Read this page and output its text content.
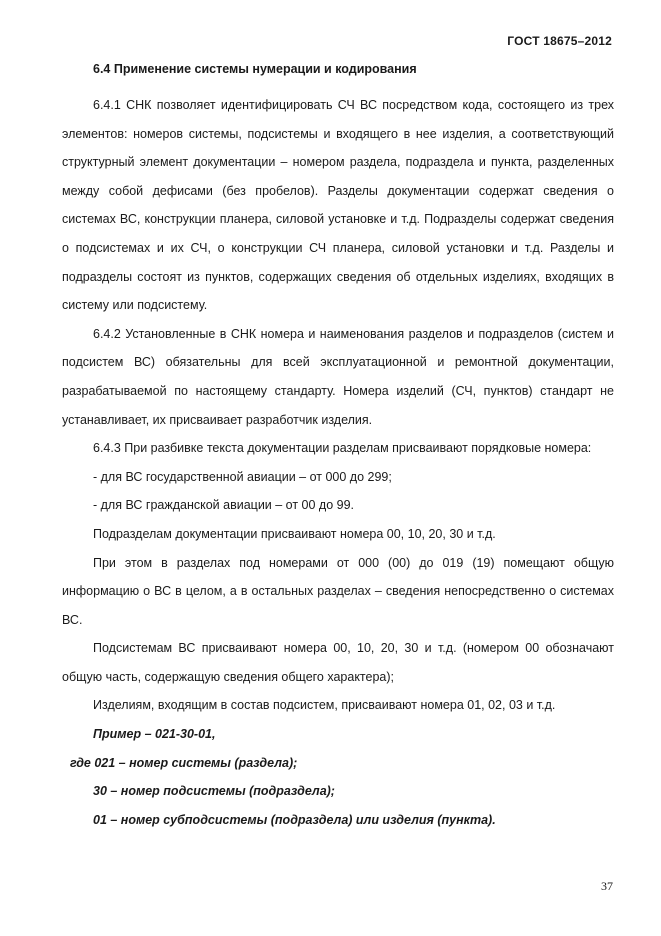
ГОСТ 18675–2012
6.4 Применение системы нумерации и кодирования

6.4.1 СНК позволяет идентифицировать СЧ ВС посредством кода, состоящего из трех элементов: номеров системы, подсистемы и входящего в нее изделия, а соответствующий структурный элемент документации – номером раздела, подраздела и пункта, разделенных между собой дефисами (без пробелов). Разделы документации содержат сведения о системах ВС, конструкции планера, силовой установке и т.д. Подразделы содержат сведения о подсистемах и их СЧ, о конструкции СЧ планера, силовой установки и т.д. Разделы и подразделы состоят из пунктов, содержащих сведения об отдельных изделиях, входящих в систему или подсистему.

6.4.2 Установленные в СНК номера и наименования разделов и подразделов (систем и подсистем ВС) обязательны для всей эксплуатационной и ремонтной документации, разрабатываемой по настоящему стандарту. Номера изделий (СЧ, пунктов) стандарт не устанавливает, их присваивает разработчик изделия.

6.4.3 При разбивке текста документации разделам присваивают порядковые номера:

- для ВС государственной авиации – от 000 до 299;

- для ВС гражданской авиации – от 00 до 99.

Подразделам документации присваивают номера 00, 10, 20, 30 и т.д.

При этом в разделах под номерами от 000 (00) до 019 (19) помещают общую информацию о ВС в целом, а в остальных разделах – сведения непосредственно о системах ВС.

Подсистемам ВС присваивают номера 00, 10, 20, 30 и т.д. (номером 00 обозначают общую часть, содержащую сведения общего характера);

Изделиям, входящим в состав подсистем, присваивают номера 01, 02, 03 и т.д.

Пример – 021-30-01,

где 021 – номер системы (раздела);

30 – номер подсистемы (подраздела);

01 – номер субподсистемы (подраздела) или изделия (пункта).

37
